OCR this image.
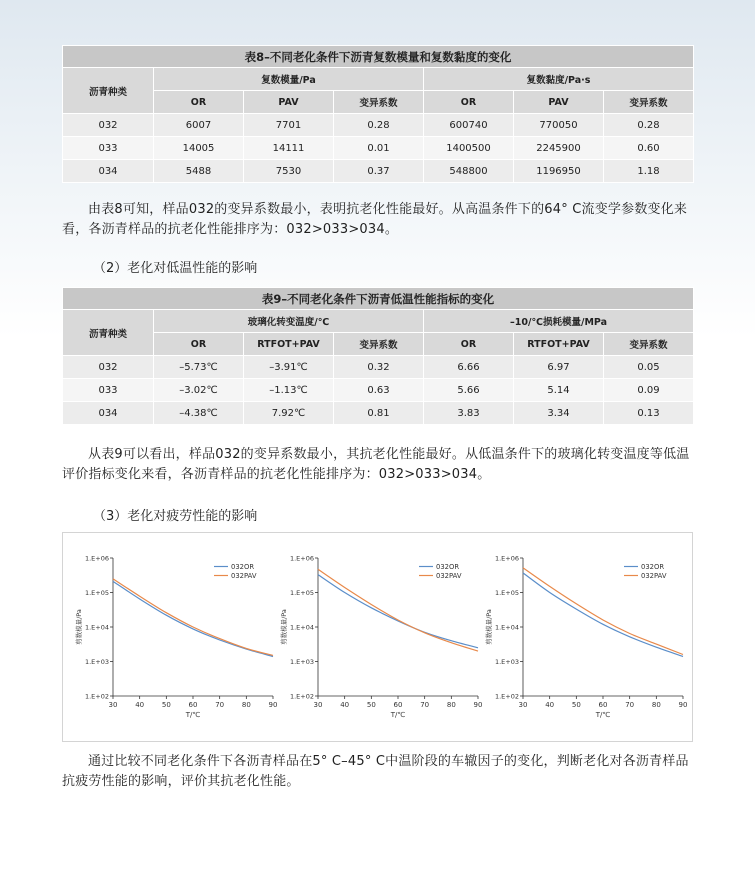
表8–不同老化条件下沥青复数模量和复数黏度的变化						
沥青种类	复数模量/Pa			复数黏度/Pa·s		
	OR	PAV	变异系数	OR	PAV	变异系数
032	6007	7701	0.28	600740	770050	0.28
033	14005	14111	0.01	1400500	2245900	0.60
034	5488	7530	0.37	548800	1196950	1.18

由表8可知，样品032的变异系数最小，表明抗老化性能最好。从高温条件下的64° C流变学参数变化来看，各沥青样品的抗老化性能排序为：032>033>034。

（2）老化对低温性能的影响
表9–不同老化条件下沥青低温性能指标的变化						
沥青种类	玻璃化转变温度/℃			–10/℃损耗模量/MPa		
	OR	RTFOT+PAV	变异系数	OR	RTFOT+PAV	变异系数
032	–5.73℃	–3.91℃	0.32	6.66	6.97	0.05
033	–3.02℃	–1.13℃	0.63	5.66	5.14	0.09
034	–4.38℃	7.92℃	0.81	3.83	3.34	0.13

从表9可以看出，样品032的变异系数最小，其抗老化性能最好。从低温条件下的玻璃化转变温度等低温评价指标变化来看，各沥青样品的抗老化性能排序为：032>033>034。

（3）老化对疲劳性能的影响
1.E+02
1.E+03
1.E+04
1.E+05
1.E+06
30	40	50	60	70	80	90
T/℃
剪数模量/Pa
032OR
032PAV
1.E+02
1.E+03
1.E+04
1.E+05
1.E+06
30	40	50	60	70	80	90
T/℃
剪数模量/Pa
032OR
032PAV
1.E+02
1.E+03
1.E+04
1.E+05
1.E+06
30	40	50	60	70	80	90
T/℃
剪数模量/Pa
032OR
032PAV

通过比较不同老化条件下各沥青样品在5° C–45° C中温阶段的车辙因子的变化，判断老化对各沥青样品抗疲劳性能的影响，评价其抗老化性能。
